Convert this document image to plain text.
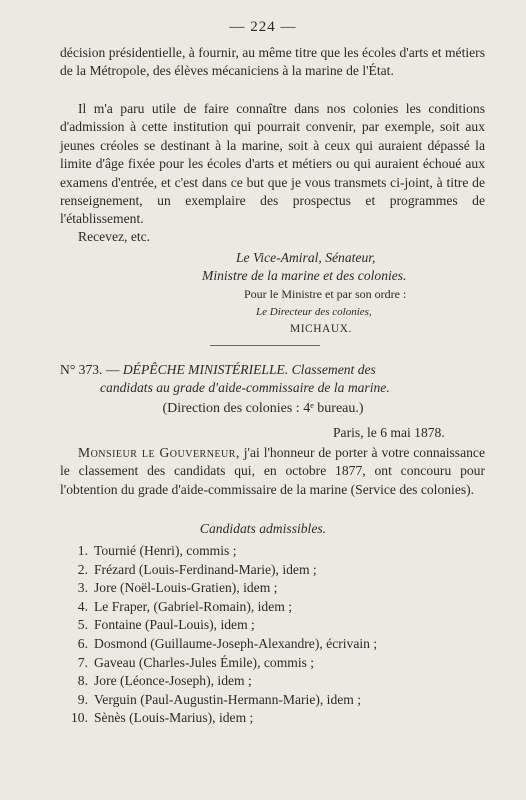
— 224 —
décision présidentielle, à fournir, au même titre que les écoles d'arts et métiers de la Métropole, des élèves mécaniciens à la marine de l'État.
Il m'a paru utile de faire connaître dans nos colonies les conditions d'admission à cette institution qui pourrait convenir, par exemple, soit aux jeunes créoles se destinant à la marine, soit à ceux qui auraient dépassé la limite d'âge fixée pour les écoles d'arts et métiers ou qui auraient échoué aux examens d'entrée, et c'est dans ce but que je vous transmets ci-joint, à titre de renseignement, un exemplaire des prospectus et programmes de l'établissement.
Recevez, etc.
Le Vice-Amiral, Sénateur,
Ministre de la marine et des colonies.
Pour le Ministre et par son ordre :
Le Directeur des colonies,
MICHAUX.
N° 373. — DÉPÊCHE MINISTÉRIELLE. Classement des
candidats au grade d'aide-commissaire de la marine.
(Direction des colonies : 4ᵉ bureau.)
Paris, le 6 mai 1878.
Monsieur le Gouverneur, j'ai l'honneur de porter à votre connaissance le classement des candidats qui, en octobre 1877, ont concouru pour l'obtention du grade d'aide-commissaire de la marine (Service des colonies).
Candidats admissibles.
1. Tournié (Henri), commis ;
2. Frézard (Louis-Ferdinand-Marie), idem ;
3. Jore (Noël-Louis-Gratien), idem ;
4. Le Fraper, (Gabriel-Romain), idem ;
5. Fontaine (Paul-Louis), idem ;
6. Dosmond (Guillaume-Joseph-Alexandre), écrivain ;
7. Gaveau (Charles-Jules Émile), commis ;
8. Jore (Léonce-Joseph), idem ;
9. Verguin (Paul-Augustin-Hermann-Marie), idem ;
10. Sènès (Louis-Marius), idem ;
